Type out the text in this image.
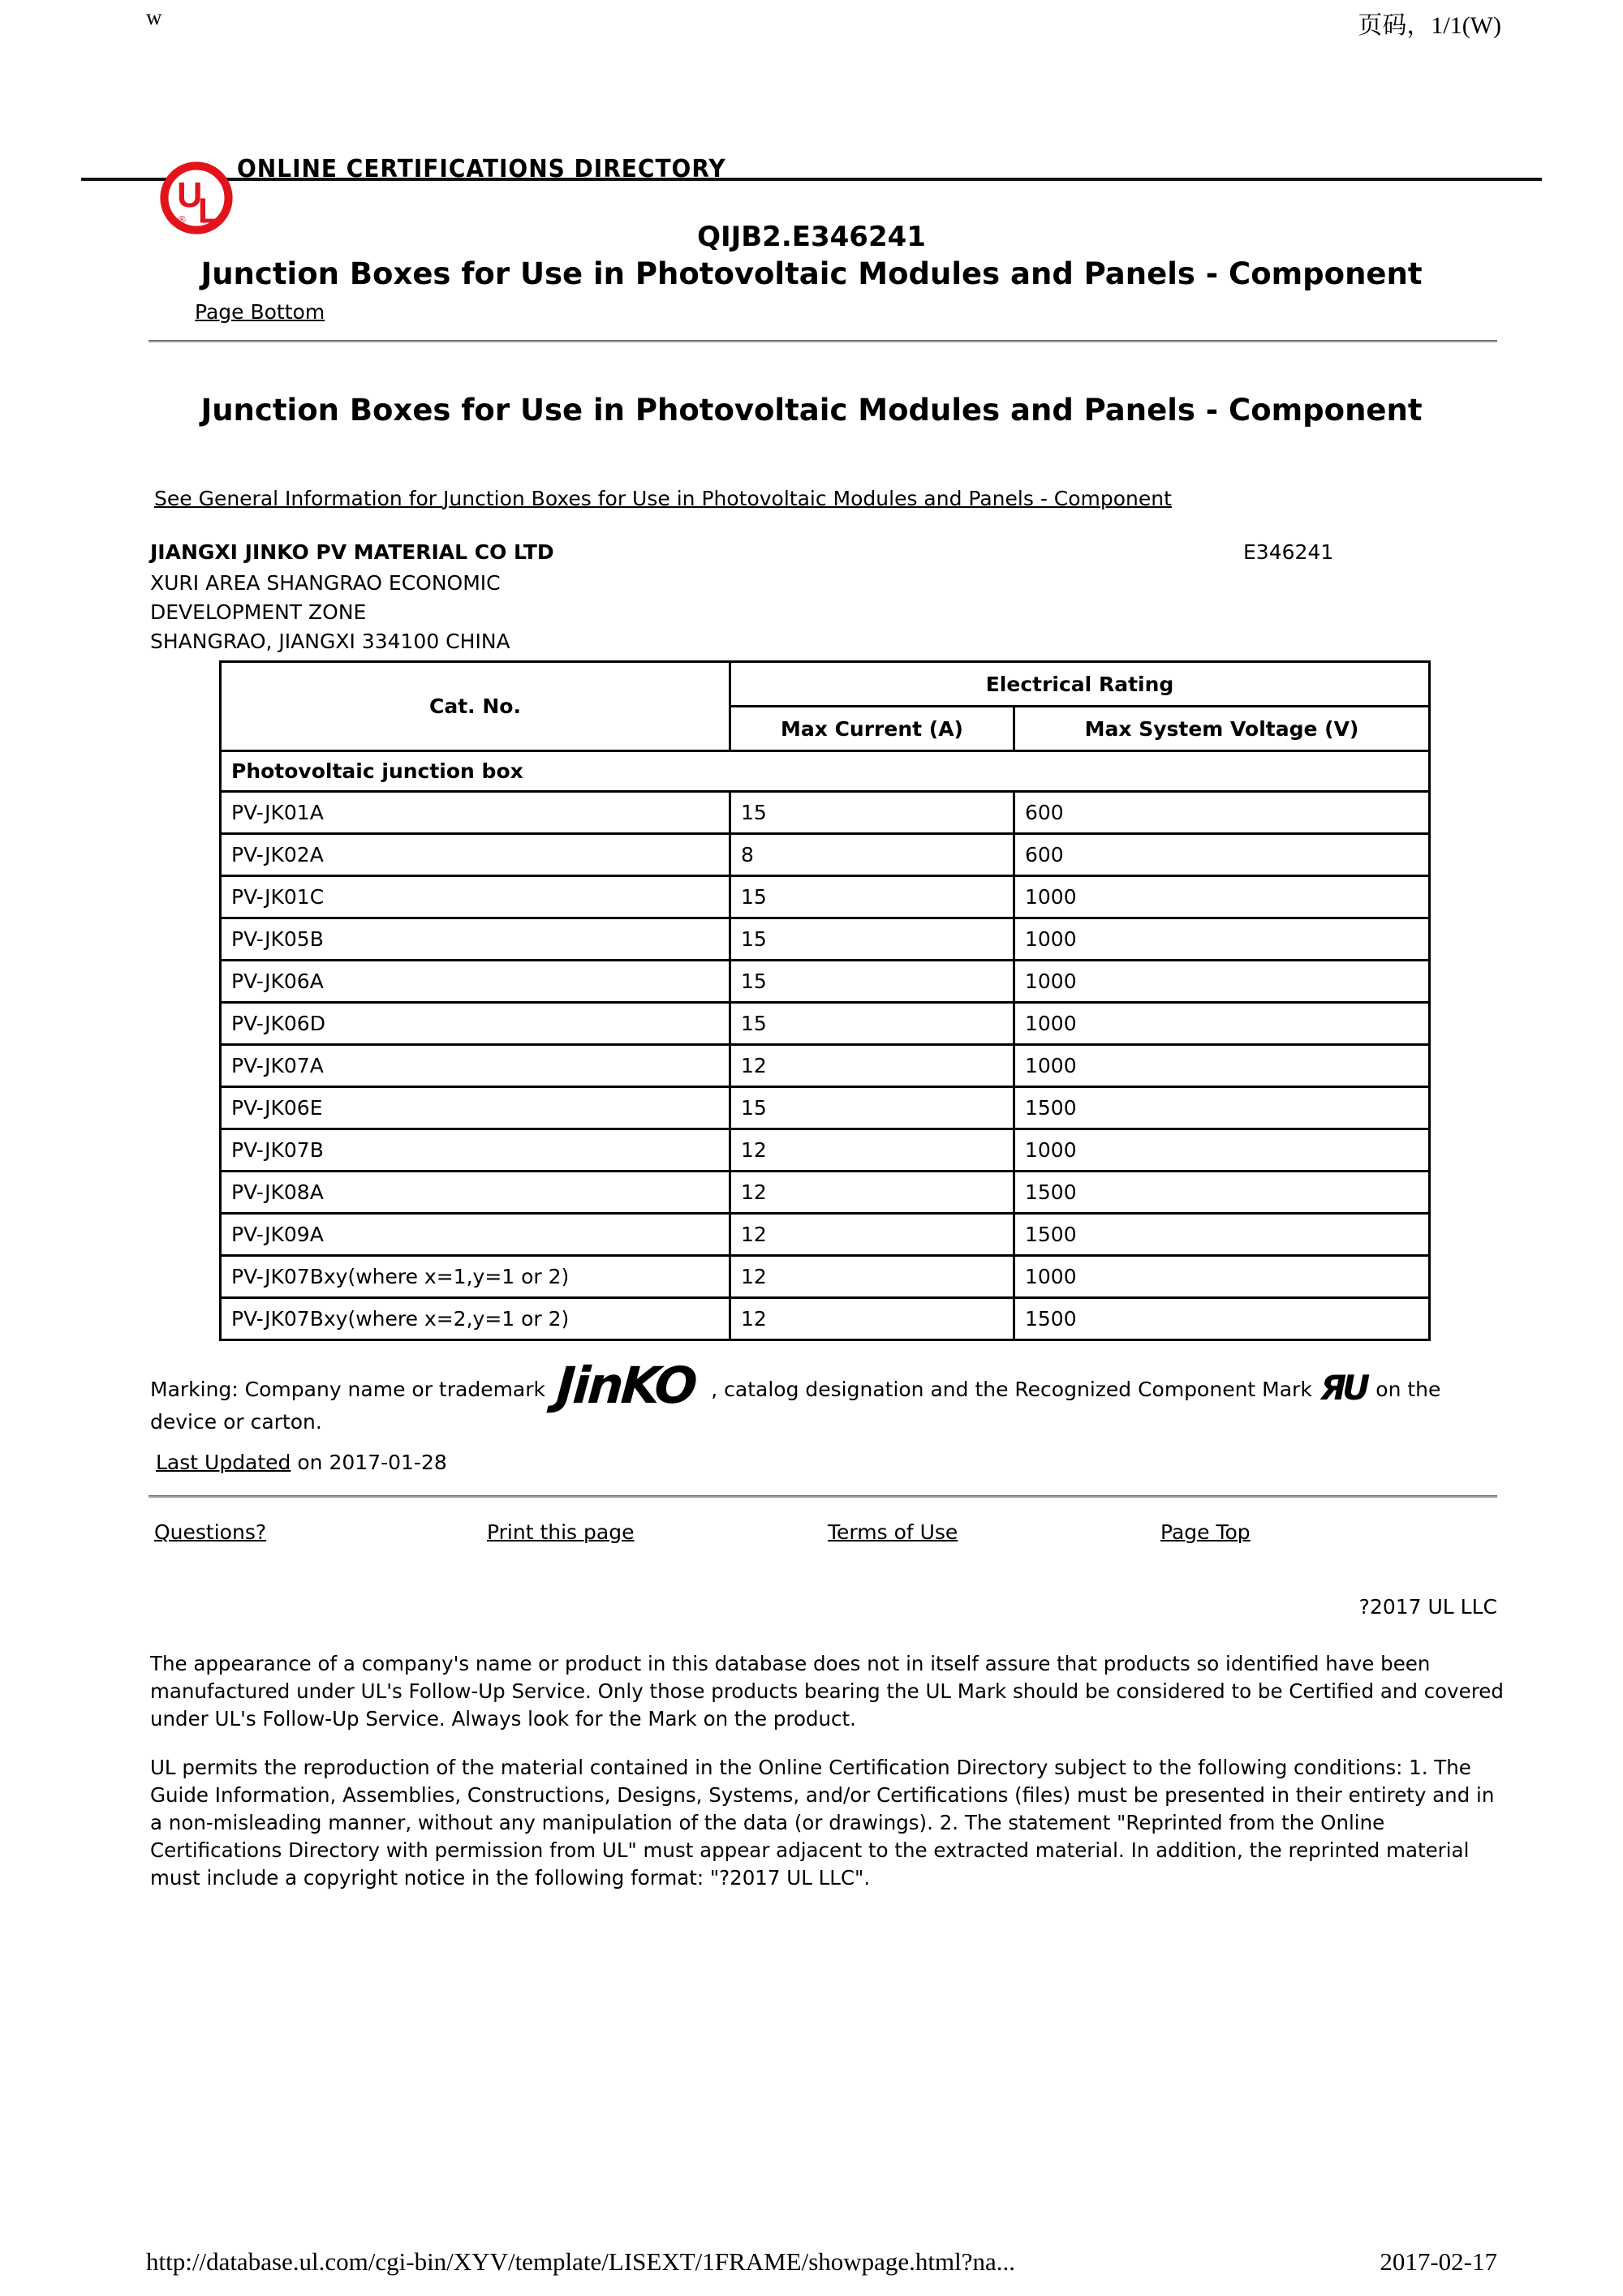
w	页码，1/1(W)
U
L
®
ONLINE CERTIFICATIONS DIRECTORY
QIJB2.E346241
Junction Boxes for Use in Photovoltaic Modules and Panels - Component
Page Bottom
Junction Boxes for Use in Photovoltaic Modules and Panels - Component
See General Information for Junction Boxes for Use in Photovoltaic Modules and Panels - Component
JIANGXI JINKO PV MATERIAL CO LTD	E346241
XURI AREA SHANGRAO ECONOMIC
DEVELOPMENT ZONE
SHANGRAO, JIANGXI 334100 CHINA
Cat. No.	Electrical Rating	
	Max Current (A)	Max System Voltage (V)
Photovoltaic junction box		
PV-JK01A	15	600
PV-JK02A	8	600
PV-JK01C	15	1000
PV-JK05B	15	1000
PV-JK06A	15	1000
PV-JK06D	15	1000
PV-JK07A	12	1000
PV-JK06E	15	1500
PV-JK07B	12	1000
PV-JK08A	12	1500
PV-JK09A	12	1500
PV-JK07Bxy(where x=1,y=1 or 2)	12	1000
PV-JK07Bxy(where x=2,y=1 or 2)	12	1500
Marking: Company name or trademark JinKO , catalog designation and the Recognized Component Mark ЯU on the device or carton.
Last Updated on 2017-01-28
Questions?	Print this page	Terms of Use	Page Top
?2017 UL LLC
The appearance of a company's name or product in this database does not in itself assure that products so identified have been manufactured under UL's Follow-Up Service. Only those products bearing the UL Mark should be considered to be Certified and covered under UL's Follow-Up Service. Always look for the Mark on the product.
UL permits the reproduction of the material contained in the Online Certification Directory subject to the following conditions: 1. The Guide Information, Assemblies, Constructions, Designs, Systems, and/or Certifications (files) must be presented in their entirety and in a non-misleading manner, without any manipulation of the data (or drawings). 2. The statement "Reprinted from the Online Certifications Directory with permission from UL" must appear adjacent to the extracted material. In addition, the reprinted material must include a copyright notice in the following format: "?2017 UL LLC".
http://database.ul.com/cgi-bin/XYV/template/LISEXT/1FRAME/showpage.html?na...	2017-02-17
